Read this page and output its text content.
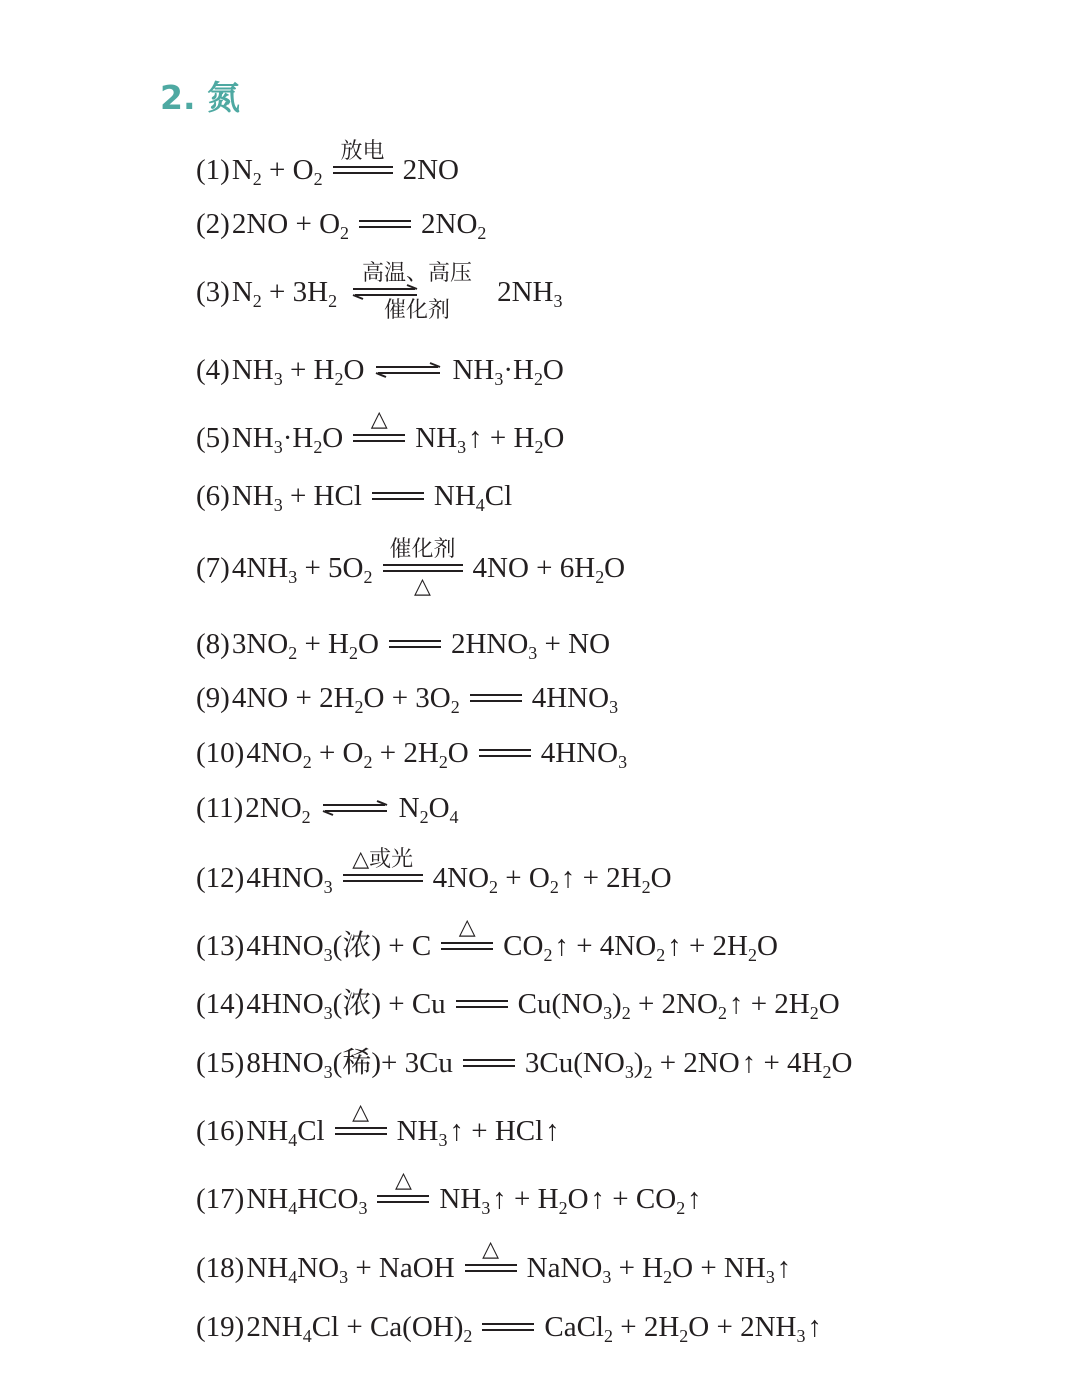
2. 氮
(1) $N_2 + O_2$
放电
2NO
(2) $2NO + O_2$ $2NO_2$
(3) $N_2 + 3H_2$
高温、高压
催化剂
$2NH_3$
(4) $NH_3 + H_2O$ ⇌ $NH_3\cdot H_2O$
(5) $NH_3\cdot H_2O$
△
$NH_3↑ + H_2O$
(6) $NH_3$ + HCl $NH_4Cl$
(7) $4NH_3 + 5O_2$
催化剂
△
$4NO + 6H_2O$
(8) $3NO_2 + H_2O$ $2HNO_3$ + NO
(9) $4NO + 2H_2O + 3O_2$ $4HNO_3$
(10) $4NO_2 + O_2 + 2H_2O$ $4HNO_3$
(11) $2NO_2$ ⇌ $N_2O_4$
(12) $4HNO_3$
△或光
$4NO_2$ + $O_2↑ + 2H_2O$
(13) $4HNO_3$(浓) + C
△
$CO_2↑$ + $4NO_2↑ + 2H_2O$
(14) $4HNO_3$(浓) + Cu $Cu(NO_3)_2$ + $2NO_2↑ + 2H_2O$
(15) $8HNO_3$(稀)+ 3Cu $3Cu(NO_3)_2$ + 2NO↑ + $4H_2O$
(16) $NH_4Cl$
△
$NH_3↑$ + HCl↑
(17) $NH_4HCO_3$
△
$NH_3↑$ + $H_2O↑$ + $CO_2↑$
(18) $NH_4NO_3$ + NaOH
△
NaNO$_3$ + $H_2O$ + $NH_3↑$
(19) $2NH_4Cl + Ca(OH)_2$ CaCl$_2$ + $2H_2O$ + $2NH_3↑$
